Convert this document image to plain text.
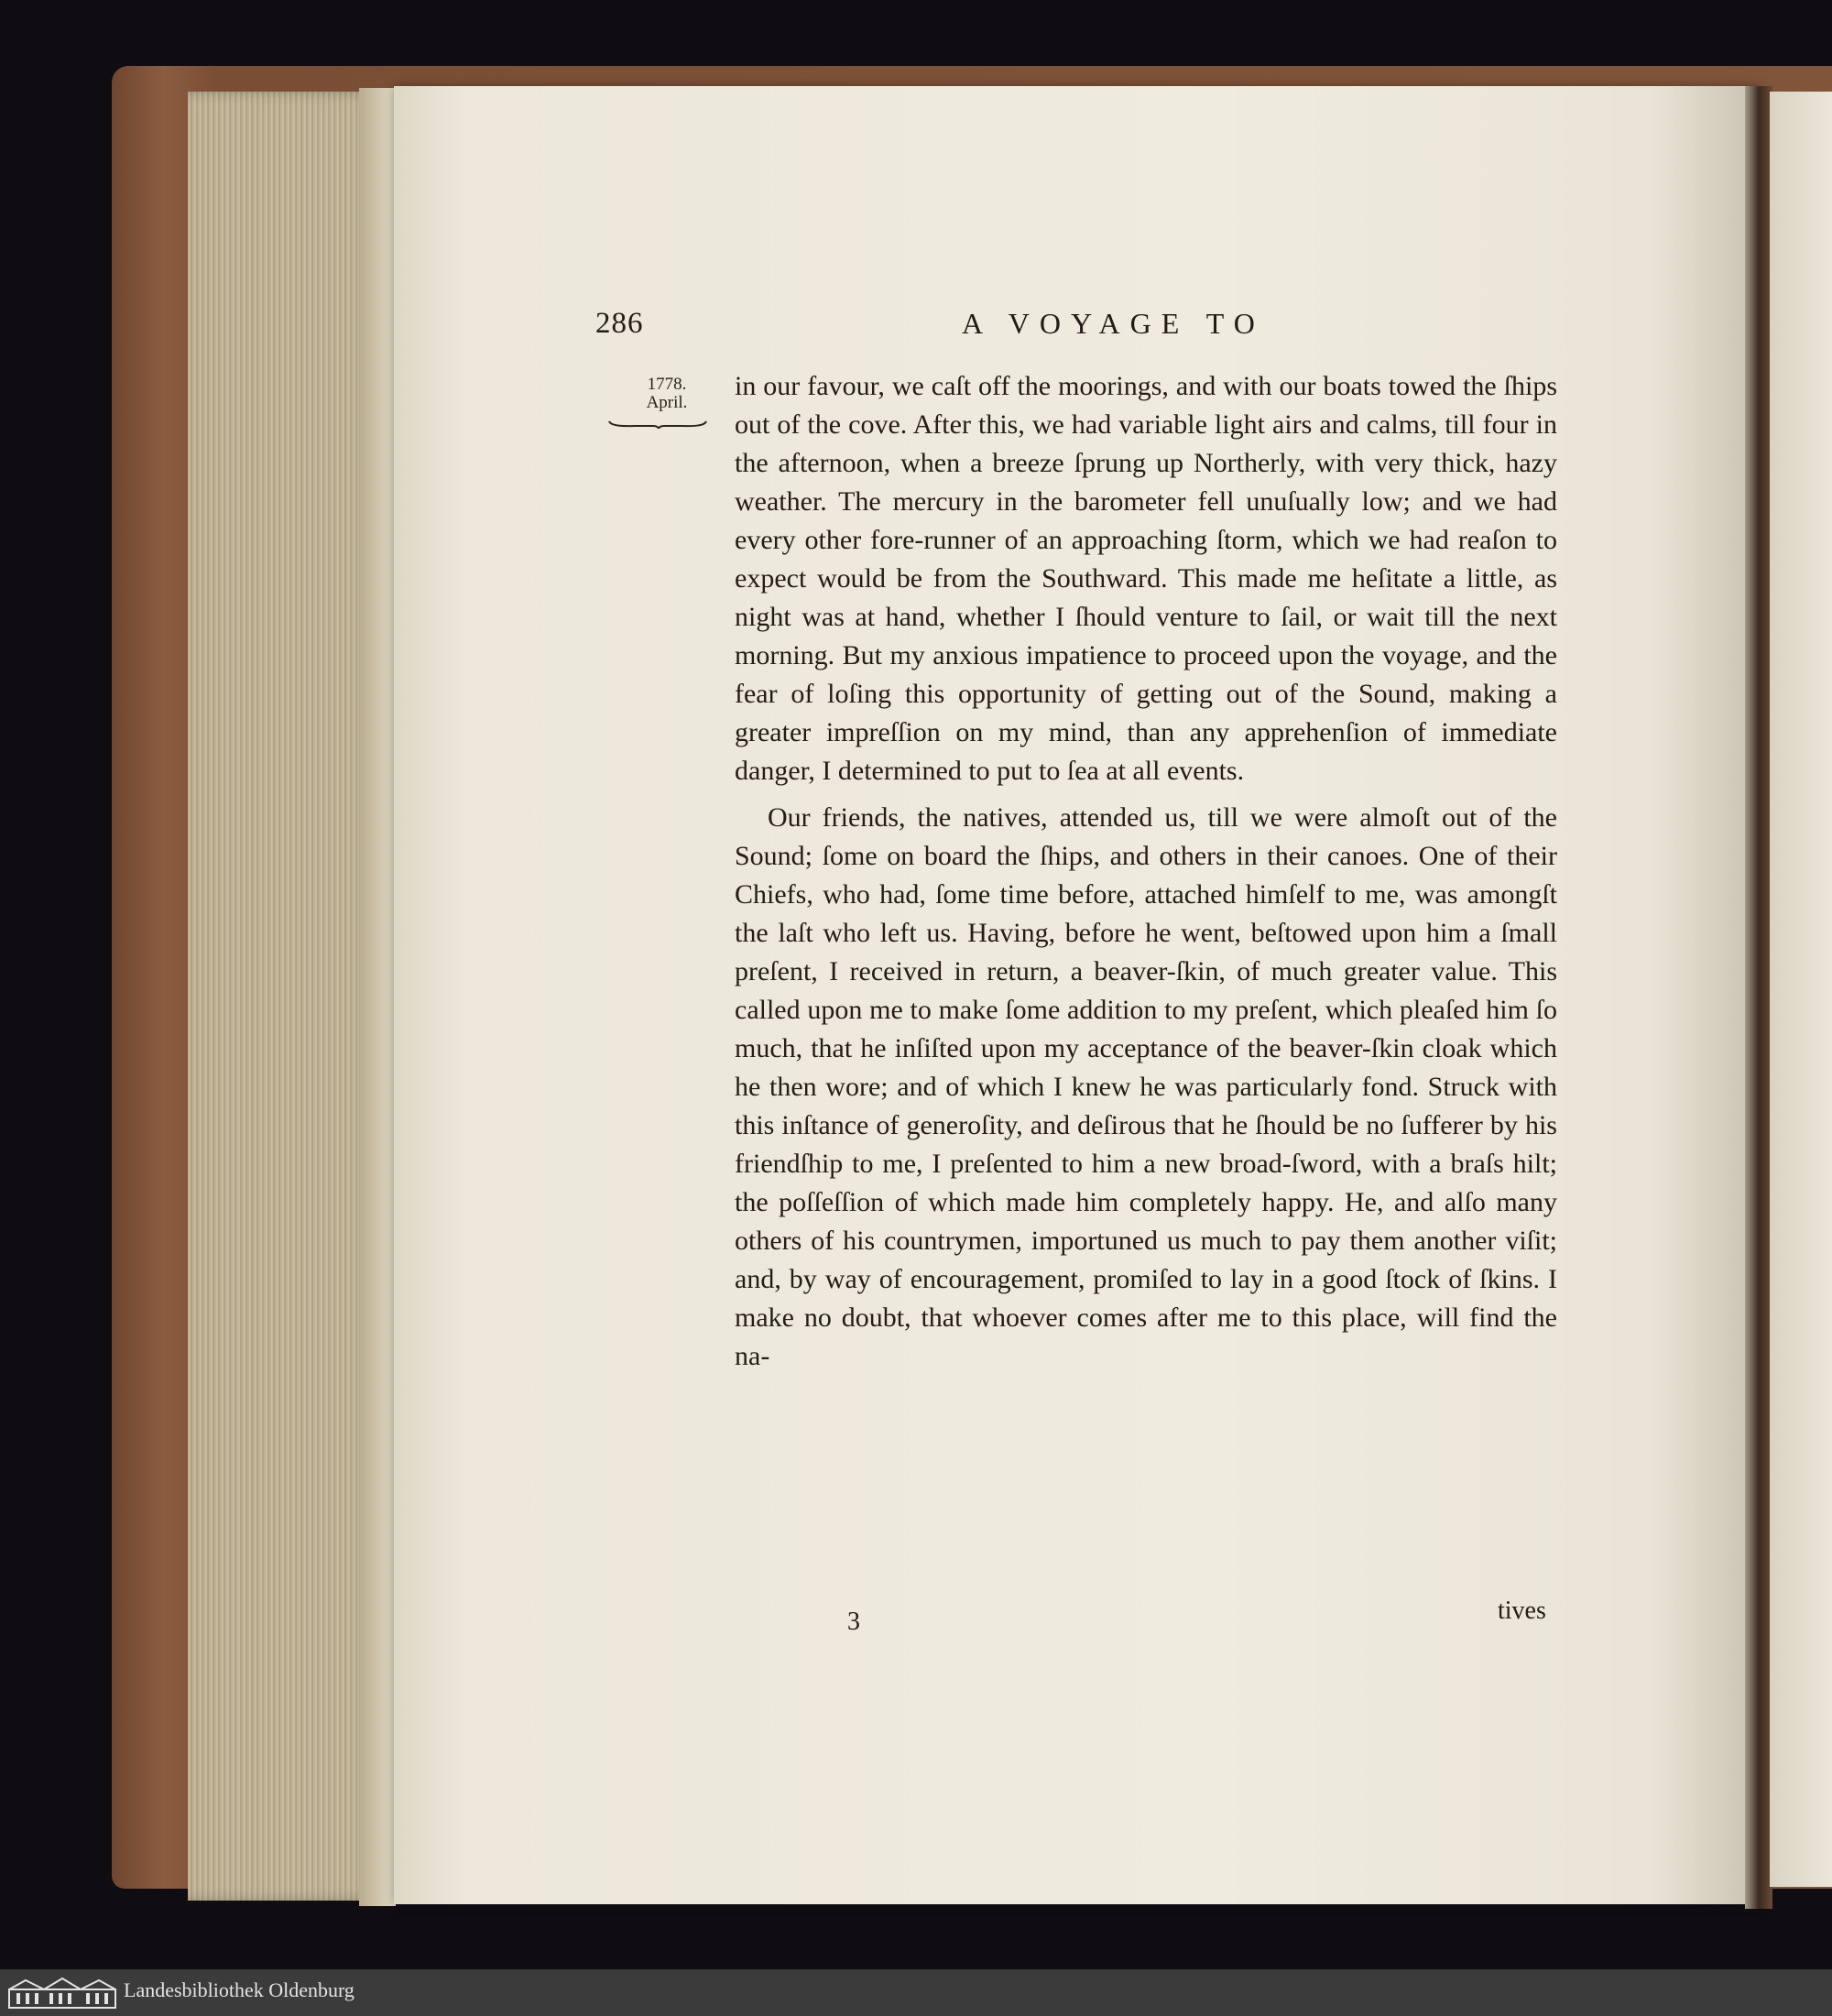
286	A VOYAGE TO
1778.
April.

in our favour, we caſt off the moorings, and with our boats towed the ſhips out of the cove. After this, we had variable light airs and calms, till four in the afternoon, when a breeze ſprung up Northerly, with very thick, hazy weather. The mercury in the barometer fell unuſually low; and we had every other fore-runner of an approaching ſtorm, which we had reaſon to expect would be from the Southward. This made me heſitate a little, as night was at hand, whether I ſhould venture to ſail, or wait till the next morning. But my anxious impatience to proceed upon the voyage, and the fear of loſing this opportunity of getting out of the Sound, making a greater impreſſion on my mind, than any apprehenſion of immediate danger, I determined to put to ſea at all events.

Our friends, the natives, attended us, till we were almoſt out of the Sound; ſome on board the ſhips, and others in their canoes. One of their Chiefs, who had, ſome time before, attached himſelf to me, was amongſt the laſt who left us. Having, before he went, beſtowed upon him a ſmall preſent, I received in return, a beaver-ſkin, of much greater value. This called upon me to make ſome addition to my preſent, which pleaſed him ſo much, that he inſiſted upon my acceptance of the beaver-ſkin cloak which he then wore; and of which I knew he was particularly fond. Struck with this inſtance of generoſity, and deſirous that he ſhould be no ſufferer by his friendſhip to me, I preſented to him a new broad-ſword, with a braſs hilt; the poſſeſſion of which made him completely happy. He, and alſo many others of his countrymen, importuned us much to pay them another viſit; and, by way of encouragement, promiſed to lay in a good ſtock of ſkins. I make no doubt, that whoever comes after me to this place, will find the na-

3	tives
Landesbibliothek Oldenburg
